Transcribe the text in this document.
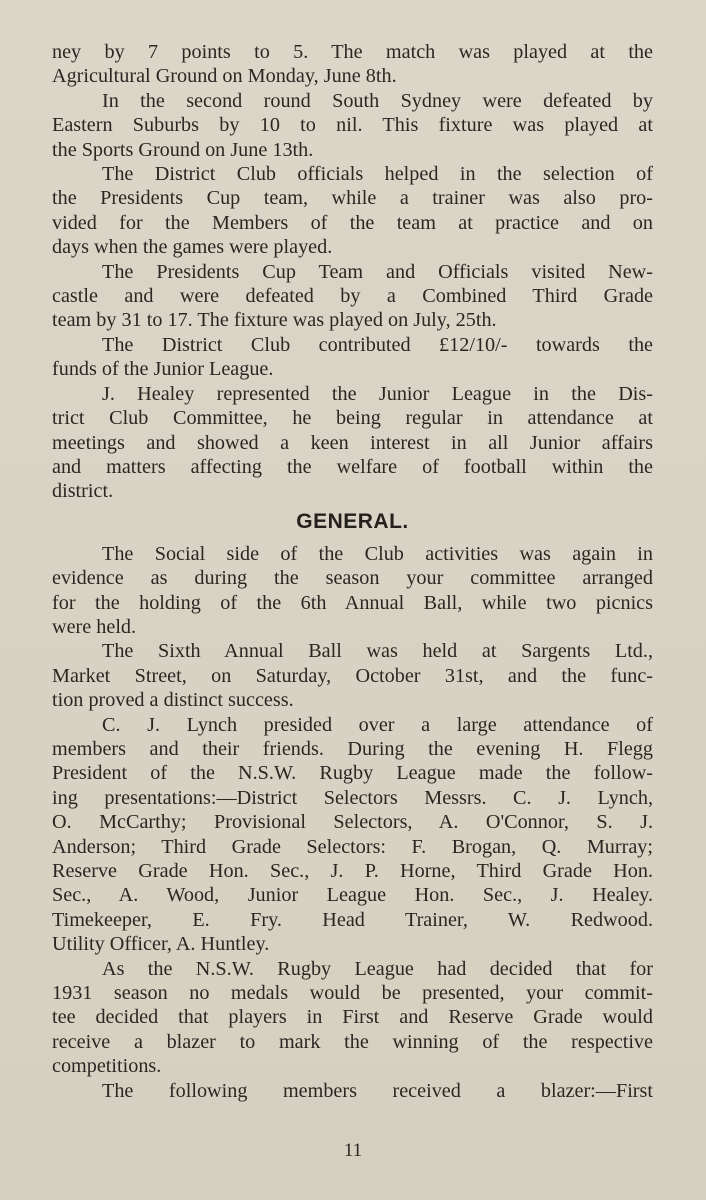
ney by 7 points to 5. The match was played at the
Agricultural Ground on Monday, June 8th.
In the second round South Sydney were defeated by
Eastern Suburbs by 10 to nil. This fixture was played at
the Sports Ground on June 13th.
The District Club officials helped in the selection of
the Presidents Cup team, while a trainer was also pro-
vided for the Members of the team at practice and on
days when the games were played.
The Presidents Cup Team and Officials visited New-
castle and were defeated by a Combined Third Grade
team by 31 to 17. The fixture was played on July, 25th.
The District Club contributed £12/10/- towards the
funds of the Junior League.
J. Healey represented the Junior League in the Dis-
trict Club Committee, he being regular in attendance at
meetings and showed a keen interest in all Junior affairs
and matters affecting the welfare of football within the
district.
GENERAL.
The Social side of the Club activities was again in
evidence as during the season your committee arranged
for the holding of the 6th Annual Ball, while two picnics
were held.
The Sixth Annual Ball was held at Sargents Ltd.,
Market Street, on Saturday, October 31st, and the func-
tion proved a distinct success.
C. J. Lynch presided over a large attendance of
members and their friends. During the evening H. Flegg
President of the N.S.W. Rugby League made the follow-
ing presentations:—District Selectors Messrs. C. J. Lynch,
O. McCarthy; Provisional Selectors, A. O'Connor, S. J.
Anderson; Third Grade Selectors: F. Brogan, Q. Murray;
Reserve Grade Hon. Sec., J. P. Horne, Third Grade Hon.
Sec., A. Wood, Junior League Hon. Sec., J. Healey.
Timekeeper, E. Fry. Head Trainer, W. Redwood.
Utility Officer, A. Huntley.
As the N.S.W. Rugby League had decided that for
1931 season no medals would be presented, your commit-
tee decided that players in First and Reserve Grade would
receive a blazer to mark the winning of the respective
competitions.
The following members received a blazer:—First
11
